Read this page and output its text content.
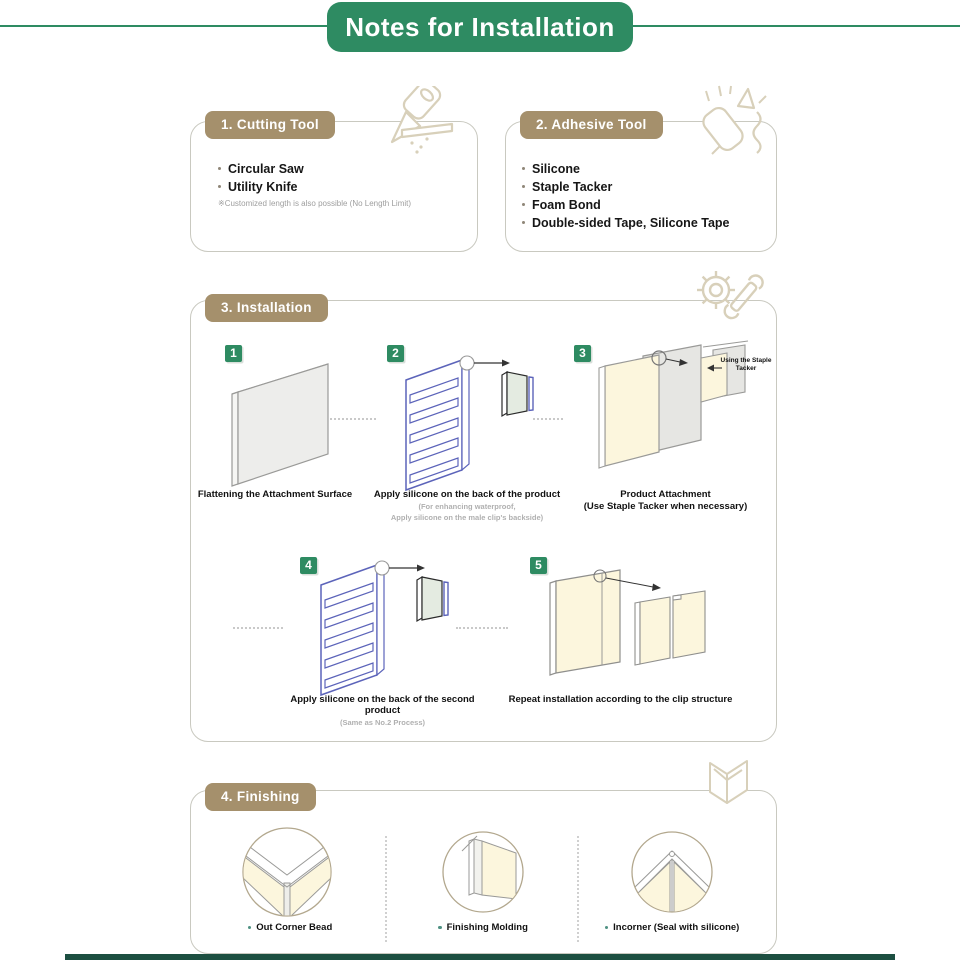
Notes for Installation
1. Cutting Tool
Circular Saw
Utility Knife
※Customized length is also possible (No Length Limit)
2. Adhesive Tool
Silicone
Staple Tacker
Foam Bond
Double-sided Tape, Silicone Tape
3. Installation
1	2	3
4	5
Using the Staple Tacker
Flattening the Attachment Surface	Apply silicone on the back of the product
(For enhancing waterproof,
Apply silicone on the male clip's backside)
Product Attachment
(Use Staple Tacker when necessary)
Apply silicone on the back of the second product
(Same as No.2 Process)
Repeat installation according to the clip structure
4. Finishing
Out Corner Bead	Finishing Molding	Incorner (Seal with silicone)
